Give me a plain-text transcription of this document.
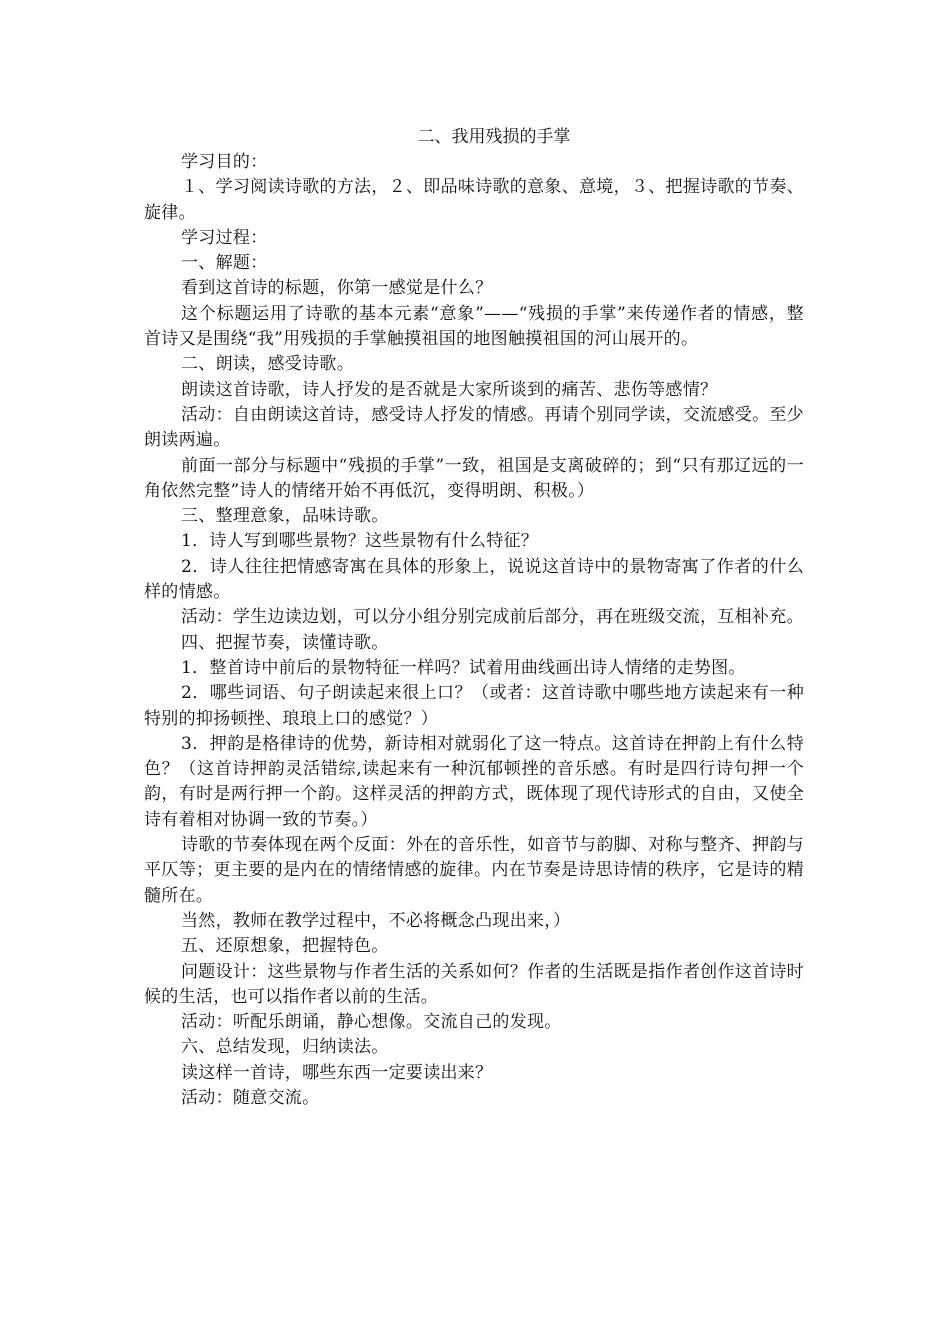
二、我用残损的手掌

学习目的：

１、学习阅读诗歌的方法，２、即品味诗歌的意象、意境，３、把握诗歌的节奏、旋律。

学习过程：

一、解题：

看到这首诗的标题，你第一感觉是什么？

这个标题运用了诗歌的基本元素“意象”——“残损的手掌”来传递作者的情感，整首诗又是围绕“我”用残损的手掌触摸祖国的地图触摸祖国的河山展开的。

二、朗读，感受诗歌。

朗读这首诗歌，诗人抒发的是否就是大家所谈到的痛苦、悲伤等感情？

活动：自由朗读这首诗，感受诗人抒发的情感。再请个别同学读，交流感受。至少朗读两遍。

前面一部分与标题中“残损的手掌”一致，祖国是支离破碎的；到“只有那辽远的一角依然完整”诗人的情绪开始不再低沉，变得明朗、积极。）

三、整理意象，品味诗歌。

1．诗人写到哪些景物？这些景物有什么特征？

2．诗人往往把情感寄寓在具体的形象上，说说这首诗中的景物寄寓了作者的什么样的情感。

活动：学生边读边划，可以分小组分别完成前后部分，再在班级交流，互相补充。

四、把握节奏，读懂诗歌。

1．整首诗中前后的景物特征一样吗？试着用曲线画出诗人情绪的走势图。

2．哪些词语、句子朗读起来很上口？（或者：这首诗歌中哪些地方读起来有一种特别的抑扬顿挫、琅琅上口的感觉？）

3．押韵是格律诗的优势，新诗相对就弱化了这一特点。这首诗在押韵上有什么特色？（这首诗押韵灵活错综,读起来有一种沉郁顿挫的音乐感。有时是四行诗句押一个韵，有时是两行押一个韵。这样灵活的押韵方式，既体现了现代诗形式的自由，又使全诗有着相对协调一致的节奏。）

诗歌的节奏体现在两个反面：外在的音乐性，如音节与韵脚、对称与整齐、押韵与平仄等；更主要的是内在的情绪情感的旋律。内在节奏是诗思诗情的秩序，它是诗的精髓所在。

当然，教师在教学过程中，不必将概念凸现出来，）

五、还原想象，把握特色。

问题设计：这些景物与作者生活的关系如何？作者的生活既是指作者创作这首诗时候的生活，也可以指作者以前的生活。

活动：听配乐朗诵，静心想像。交流自己的发现。

六、总结发现，归纳读法。

读这样一首诗，哪些东西一定要读出来？

活动：随意交流。
